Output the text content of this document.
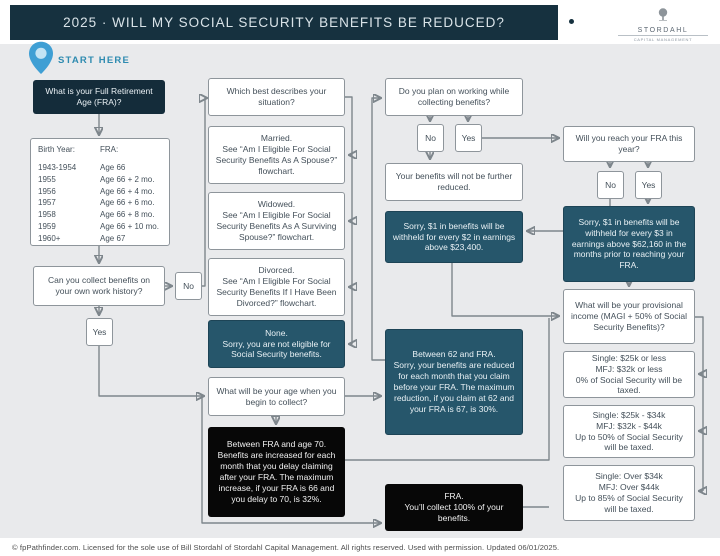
2025 · WILL MY SOCIAL SECURITY BENEFITS BE REDUCED?
STORDAHL
CAPITAL MANAGEMENT
START HERE
What is your Full Retirement Age (FRA)?
Birth Year:	FRA:
1943-1954	Age 66
1955	Age 66 + 2 mo.
1956	Age 66 + 4 mo.
1957	Age 66 + 6 mo.
1958	Age 66 + 8 mo.
1959	Age 66 + 10 mo.
1960+	Age 67
Can you collect benefits on your own work history?
No
Yes
Which best describes your situation?
Married.
See “Am I Eligible For Social Security Benefits As A Spouse?” flowchart.
Widowed.
See “Am I Eligible For Social Security Benefits As A Surviving Spouse?” flowchart.
Divorced.
See “Am I Eligible For Social Security Benefits If I Have Been Divorced?” flowchart.
None.
Sorry, you are not eligible for Social Security benefits.
What will be your age when you begin to collect?
Between FRA and age 70.
Benefits are increased for each month that you delay claiming after your FRA. The maximum increase, if your FRA is 66 and you delay to 70, is 32%.
Do you plan on working while collecting benefits?
No	Yes
Your benefits will not be further reduced.
Sorry, $1 in benefits will be withheld for every $2 in earnings above $23,400.
Between 62 and FRA.
Sorry, your benefits are reduced for each month that you claim before your FRA. The maximum reduction, if you claim at 62 and your FRA is 67, is 30%.
FRA.
You’ll collect 100% of your benefits.
Will you reach your FRA this year?
No	Yes
Sorry, $1 in benefits will be withheld for every $3 in earnings above $62,160 in the months prior to reaching your FRA.
What will be your provisional income (MAGI + 50% of Social Security Benefits)?
Single: $25k or less
MFJ: $32k or less
0% of Social Security will be taxed.
Single: $25k - $34k
MFJ: $32k - $44k
Up to 50% of Social Security will be taxed.
Single: Over $34k
MFJ: Over $44k
Up to 85% of Social Security will be taxed.
© fpPathfinder.com. Licensed for the sole use of Bill Stordahl of Stordahl Capital Management. All rights reserved. Used with permission. Updated 06/01/2025.
